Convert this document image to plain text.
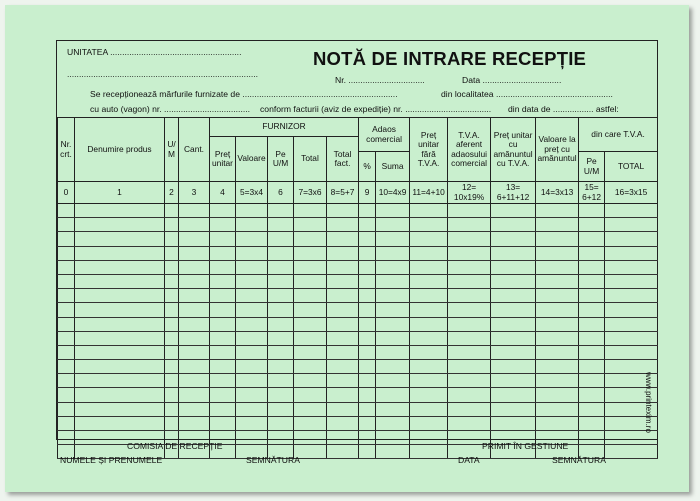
UNITATEA .......................................................
................................................................................
NOTĂ DE INTRARE RECEPȚIE
Nr. ................................	Data .................................
Se recepționează mărfurile furnizate de .................................................................	din localitatea .................................................
cu auto (vagon) nr. .................................... conform facturii (aviz de expediție) nr. .................................... din data de ................. astfel:
Nr. crt.	Denumire produs	U/ M	Cant.	FURNIZOR					Adaos comercial		Preț unitar fără T.V.A.	T.V.A. aferent adaosului comercial	Preț unitar cu amănuntul cu T.V.A.	Valoare la preț cu amănuntul	din care T.V.A.	
				Preț unitar	Valoare	Pe U/M	Total	Total fact.								
									%	Suma					Pe U/M	TOTAL
0	1	2	3	4	5=3x4	6	7=3x6	8=5+7	9	10=4x9	11=4+10	12= 10x19%	13= 6+11+12	14=3x13	15= 6+12	16=3x15

www.printexim.ro
COMISIA DE RECEPȚIE	PRIMIT ÎN GESTIUNE
NUMELE ȘI PRENUMELE	SEMNĂTURA	DATA	SEMNĂTURA
